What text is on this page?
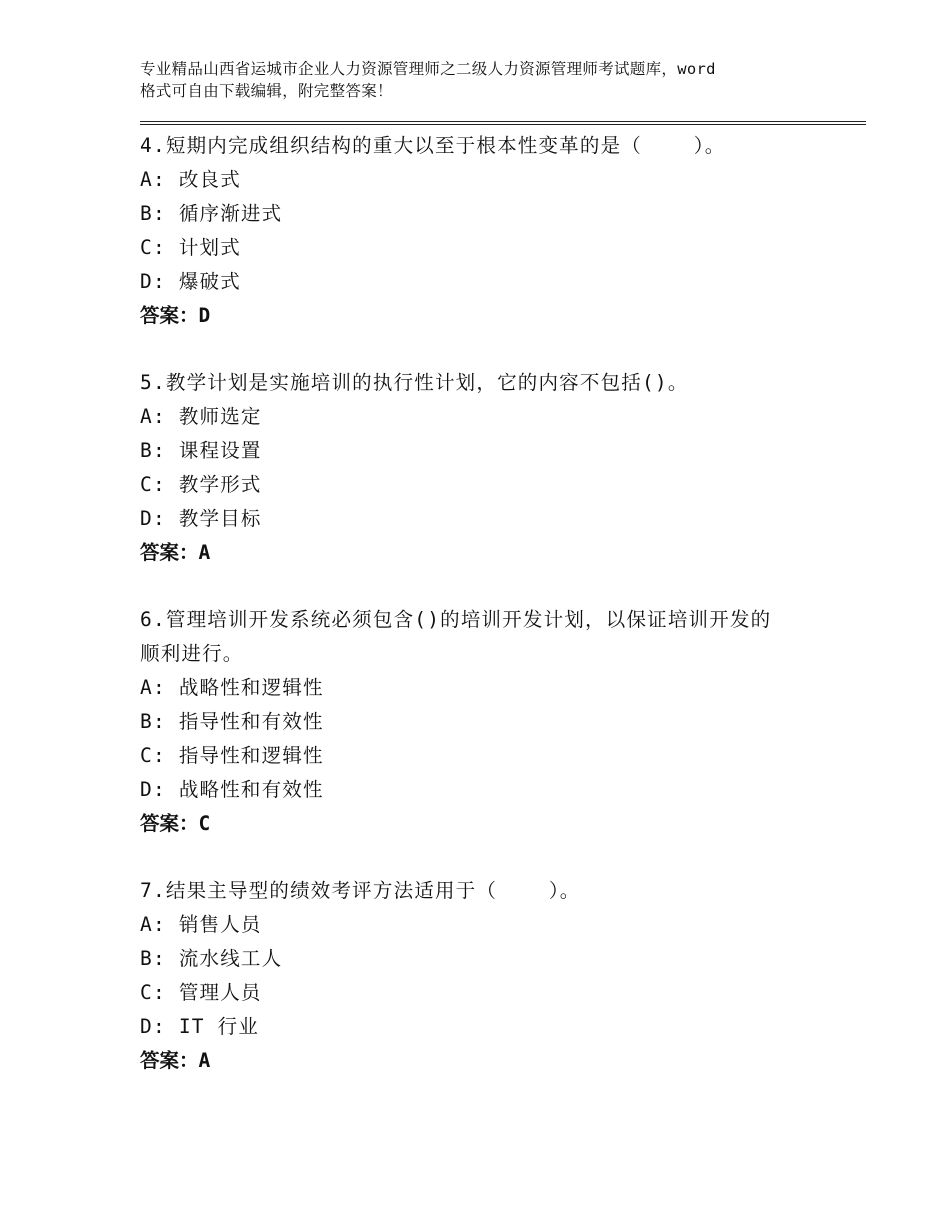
专业精品山西省运城市企业人力资源管理师之二级人力资源管理师考试题库，word
格式可自由下载编辑，附完整答案！
4.短期内完成组织结构的重大以至于根本性变革的是（    ）。
A: 改良式
B: 循序渐进式
C: 计划式
D: 爆破式
答案：D
5.教学计划是实施培训的执行性计划，它的内容不包括()。
A: 教师选定
B: 课程设置
C: 教学形式
D: 教学目标
答案：A
6.管理培训开发系统必须包含()的培训开发计划，以保证培训开发的
顺利进行。
A: 战略性和逻辑性
B: 指导性和有效性
C: 指导性和逻辑性
D: 战略性和有效性
答案：C
7.结果主导型的绩效考评方法适用于（    ）。
A: 销售人员
B: 流水线工人
C: 管理人员
D: IT 行业
答案：A
